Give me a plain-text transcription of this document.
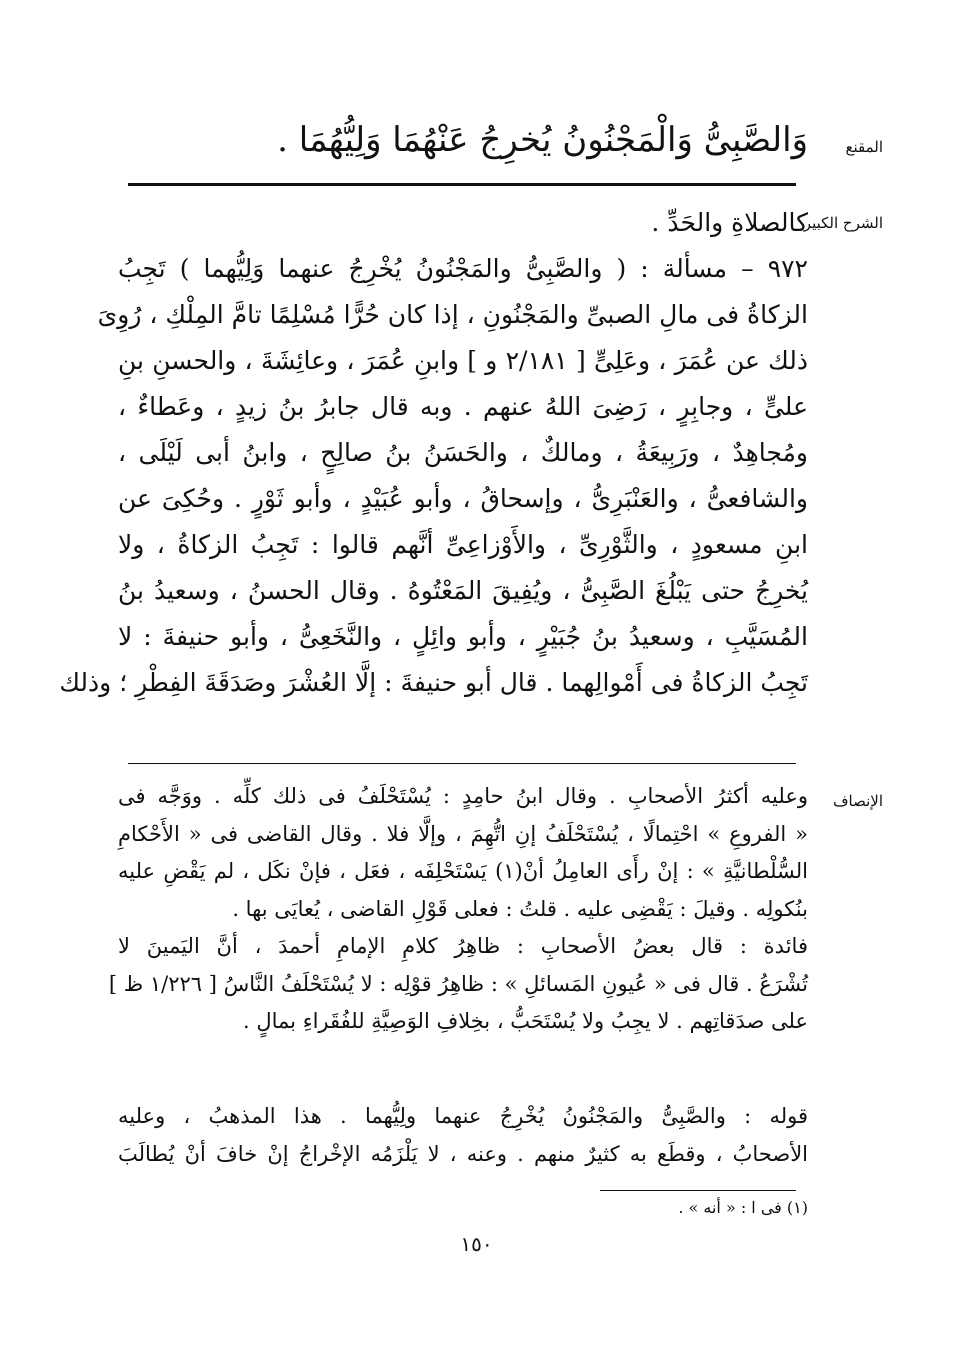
المقنع
وَالصَّبِىُّ وَالْمَجْنُونُ يُخرِجُ عَنْهُمَا وَلِيُّهُمَا .
الشرح الكبير
كالصلاةِ والحَدِّ .
٩٧٢ – مسألة : ( والصَّبِىُّ والمَجْنُونُ يُخْرِجُ عنهما وَلِيُّهما ) تَجِبُ
الزكاةُ فى مالِ الصبىِّ والمَجْنُونِ ، إذا كان حُرًّا مُسْلِمًا تامَّ المِلْكِ ، رُوِىَ
ذلك عن عُمَرَ ، وعَلِىٍّ [ ٢/١٨١ و ] وابنِ عُمَرَ ، وعائِشَةَ ، والحسنِ بنِ
علىٍّ ، وجابِرٍ ، رَضِىَ اللهُ عنهم . وبه قال جابرُ بنُ زيدٍ ، وعَطاءٌ ،
ومُجاهِدٌ ، ورَبِيعَةُ ، ومالكٌ ، والحَسَنُ بنُ صالِحٍ ، وابنُ أبى لَيْلَى ،
والشافعىُّ ، والعَنْبَرِىُّ ، وإسحاقُ ، وأبو عُبَيْدٍ ، وأبو ثَوْرٍ . وحُكِىَ عن
ابنِ مسعودٍ ، والثَّوْرِىِّ ، والأَوْزاعِىِّ أنَّهم قالوا : تَجِبُ الزكاةُ ، ولا
يُخرِجُ حتى يَبْلُغَ الصَّبِىُّ ، ويُفِيقَ المَعْتُوهُ . وقال الحسنُ ، وسعيدُ بنُ
المُسَيَّبِ ، وسعيدُ بنُ جُبَيْرٍ ، وأبو وائِلٍ ، والنَّخَعِىُّ ، وأبو حنيفةَ : لا
تَجِبُ الزكاةُ فى أَمْوالِهما . قال أبو حنيفةَ : إلَّا العُشْرَ وصَدَقَةَ الفِطْرِ ؛ وذلك
الإنصاف
وعليه أكثرُ الأصحابِ . وقال ابنُ حامِدٍ : يُسْتَحْلَفُ فى ذلك كلِّه . ووَجَّه فى
« الفروعِ » احْتِمالًا ، يُسْتَحْلَفُ إنِ اتُّهِمَ ، وإلَّا فلا . وقال القاضى فى « الأَحْكامِ
السُّلْطانيَّةِ » : إنْ رأَى العامِلُ أنْ(١) يَسْتَحْلِفَه ، فعَل ، فإنْ نكَل ، لم يَقْضِ عليه
بنُكولِه . وقيلَ : يَقْضِى عليه . قلتُ : فعلى قَوْلِ القاضى ، يُعايَى بها .
فائدة : قال بعضُ الأصحابِ : ظاهِرُ كلامِ الإمامِ أحمدَ ، أنَّ اليَمينَ لا
تُشْرَعُ . قال فى « عُيونِ المَسائلِ » : ظاهِرُ قوْلِه : لا يُسْتَحْلَفُ النَّاسُ [ ١/٢٢٦ ظ ]
على صدَقاتِهم . لا يجِبُ ولا يُسْتَحَبُّ ، بخِلافِ الوَصِيَّةِ للفُقَراءِ بمالٍ .
قوله : والصَّبِىُّ والمَجْنُونُ يُخْرِجُ عنهما ولِيُّهما . هذا المذهبُ ، وعليه
الأصحابُ ، وقطَع به كثيرٌ منهم . وعنه ، لا يَلْزَمُه الإخْراجُ إنْ خافَ أنْ يُطالَبَ
(١) فى ا : « أنه » .
١٥٠
